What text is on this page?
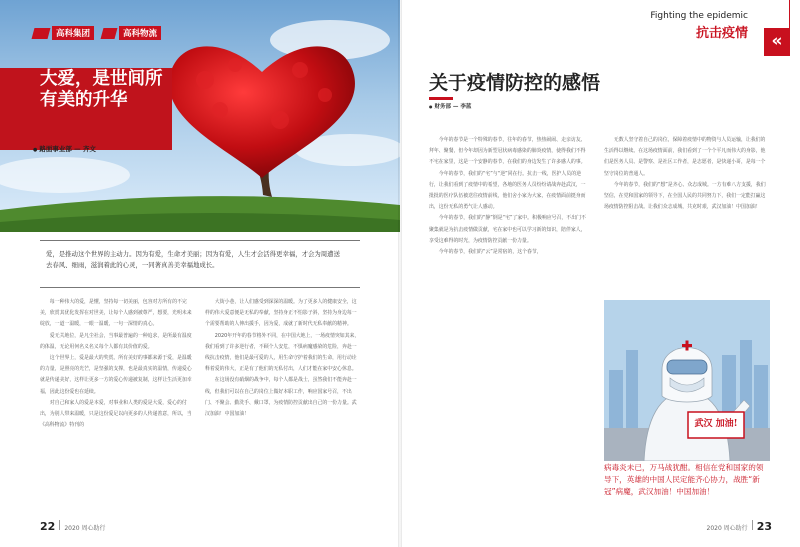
高科集团	高科物流
大爱，是世间所有美的升华
● 路面事业部 — 齐文

爱，是推动这个世界的主动力。因为有爱，生命才美丽；因为有爱，人生才会活得更幸福，才会为周遭送去春风、细雨，滋润着此的心灵，一同著真善美幸福地成长。

每一种伟大的爱，是懂，坚持每一切美丽，包容对方所有的不完美，欣赏其优化发挥在对世美，让每个人感到被尊严，想要，光明未来绽放，一道一温暖，一眼一温暖，一句一深情的真心。

爱无关地位，是凡尘社会，当事最普遍的一种追求，是所最有温度的体温，无论用何名义名义每个人都有其价值的爱。

这个世界上，爱是最大的奖赏。所有美好的事都来源于爱，是温暖的力量，是照亮的光芒，是坚强的支撑，也是最真实的温情，传递爱心就是传递美好，这样让更多一方的爱心传递被复制，这样让生活更加幸福，因此这份爱也在延续。

对自己和家人的爱是本爱，对事业和人类的爱是大爱，爱心的付出，为别人带来温暖，只是这份爱足以向更多的人传递善意，所以，当《高科物流》特刊的

大街小巷，让人们感受到深深的温暖。为了更多人的健康安全，这样的伟大爱意便是无私的奉献，坚持身正不怕影子斜，坚持为身边每一个需要帮助的人伸出援手，因为爱，成就了新时代无私奉献的精神。

2020年开年的春节格外不同，在中国大地上，一场疫情突如其来，我们看到了许多逆行者，不顾个人安危，不惧病魔感染的危险，奔赴一线抗击疫情，他们是最可爱的人，用生命守护着我们的生命，用行动诠释着爱的伟大，正是有了他们的无私付出，人们才能在家中安心休息。

在这场没有硝烟的战争中，每个人都是战士，虽然我们不能奔赴一线，但我们可以在自己的岗位上做好本职工作，响应国家号召，不出门、不聚会、勤洗手、戴口罩，为疫情防控贡献出自己的一份力量。武汉加油！中国加油！

22 2020 周心助行
Fighting the epidemic
抗击疫情	«
关于疫情防控的感悟
● 财务部 — 李蓝

今年的春节是一个特殊的春节，往年的春节，热热闹闹、走亲访友、拜年、聚餐，但今年却因为新型冠状病毒感染的肺炎疫情，使得我们不得不宅在家里，这是一个安静的春节，在我们的身边发生了许多感人的事。

今年的春节，我们的“宅”与“逆”同在行。抗击一线，医护人员的逆行，让我们看到了疫情中的希望，各地的医务人员纷纷请战奔赴武汉，一批批的医疗队伍被送往疫情前线，他们舍小家为大家，在疫情面前挺身而出，这份无私的勇气让人感动。

今年的春节，我们的“静”倒是“宅”了家中。积极响应号召，不出门不聚集就是为抗击疫情做贡献，宅在家中也可以学习新的知识，陪伴家人，享受这难得的时光，为疫情防控贡献一份力量。

今年的春节，我们的“云”是常宿的，这个春节，

无数人坚守着自己的岗位，保障着疫情中的物资与人员运输，让我们的生活得以继续。在这场疫情面前，我们看到了一个个平凡而伟大的身影，他们是医务人员、是警察、是社区工作者，是志愿者，是快递小哥，是每一个坚守岗位的普通人。

今年的春节，我们的“想”是齐心、众志成城。一方有难八方支援，我们坚信，在党和国家的领导下，在全国人民的共同努力下，我们一定能打赢这场疫情防控阻击战。让我们众志成城，共克时艰，武汉加油！中国加油！

武汉 加油!

病毒炎未已，万马战犹酣。相信在党和国家的领导下，英雄的中国人民定能齐心协力，战胜“新冠”病魔，武汉加油！中国加油！

2020 周心助行 23
